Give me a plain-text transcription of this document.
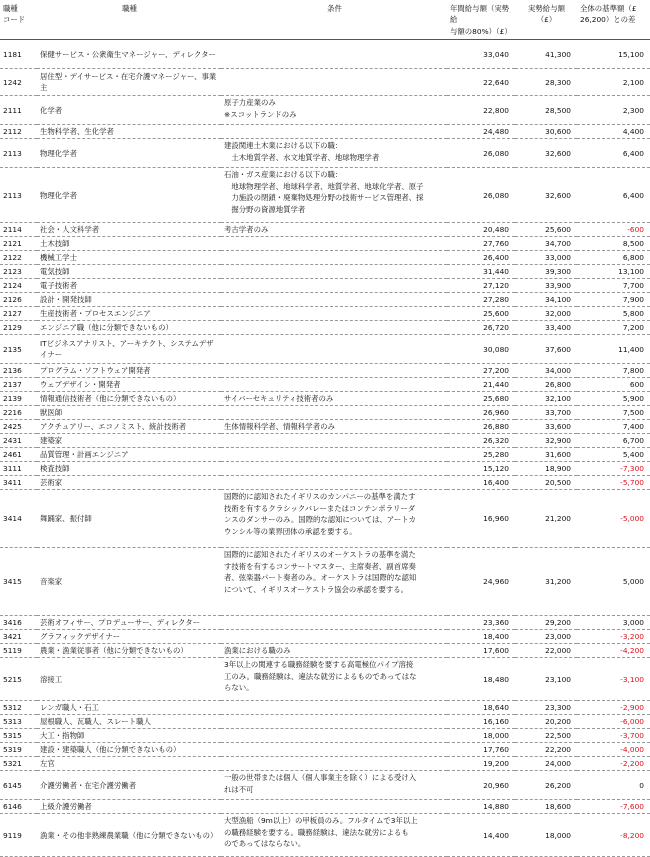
職種
コード	職種	条件	年間給与額（実勢給
与額の80%）（£）	実勢給与額
（£）	全体の基準額（£
26,200）との差
1181	保健サービス・公衆衛生マネージャー、ディレクター		33,040	41,300	15,100
1242	居住型・デイサービス・在宅介護マネージャー、事業主		22,640	28,300	2,100
2111	化学者	原子力産業のみ
※スコットランドのみ	22,800	28,500	2,300
2112	生物科学者、生化学者		24,480	30,600	4,400
2113	物理化学者	建設関連土木業における以下の職：
　土木地質学者、水文地質学者、地球物理学者	26,080	32,600	6,400
2113	物理化学者	石油・ガス産業における以下の職：
　地球物理学者、地球科学者、地質学者、地球化学者、原子
　力施設の閉鎖・廃棄物処理分野の技術サービス管理者、採
　掘分野の資源地質学者	26,080	32,600	6,400
2114	社会・人文科学者	考古学者のみ	20,480	25,600	-600
2121	土木技師		27,760	34,700	8,500
2122	機械工学士		26,400	33,000	6,800
2123	電気技師		31,440	39,300	13,100
2124	電子技術者		27,120	33,900	7,700
2126	設計・開発技師		27,280	34,100	7,900
2127	生産技術者・プロセスエンジニア		25,600	32,000	5,800
2129	エンジニア職（他に分類できないもの）		26,720	33,400	7,200
2135	ITビジネスアナリスト、アーキテクト、システムデザイナー		30,080	37,600	11,400
2136	プログラム・ソフトウェア開発者		27,200	34,000	7,800
2137	ウェブデザイン・開発者		21,440	26,800	600
2139	情報通信技術者（他に分類できないもの）	サイバーセキュリティ技術者のみ	25,680	32,100	5,900
2216	獣医師		26,960	33,700	7,500
2425	アクチュアリー、エコノミスト、統計技術者	生体情報科学者、情報科学者のみ	26,880	33,600	7,400
2431	建築家		26,320	32,900	6,700
2461	品質管理・計画エンジニア		25,280	31,600	5,400
3111	検査技師		15,120	18,900	-7,300
3411	芸術家		16,400	20,500	-5,700
3414	舞踊家、振付師	国際的に認知されたイギリスのカンパニーの基準を満たす
技術を有するクラシックバレーまたはコンテンポラリーダ
ンスのダンサーのみ。国際的な認知については、アートカ
ウンシル等の業界団体の承認を要する。	16,960	21,200	-5,000
3415	音楽家	国際的に認知されたイギリスのオーケストラの基準を満た
す技術を有するコンサートマスター、主席奏者、副首席奏
者、弦楽器パート奏者のみ。オーケストラは国際的な認知
について、イギリスオーケストラ協会の承認を要する。	24,960	31,200	5,000
3416	芸術オフィサー、プロデューサー、ディレクター		23,360	29,200	3,000
3421	グラフィックデザイナー		18,400	23,000	-3,200
5119	農業・漁業従事者（他に分類できないもの）	漁業における職のみ	17,600	22,000	-4,200
5215	溶接工	3年以上の関連する職務経験を要する高電極位パイプ溶接
工のみ。職務経験は、違法な就労によるものであってはな
らない。	18,480	23,100	-3,100
5312	レンガ職人・石工		18,640	23,300	-2,900
5313	屋根職人、瓦職人、スレート職人		16,160	20,200	-6,000
5315	大工・指物師		18,000	22,500	-3,700
5319	建設・建築職人（他に分類できないもの）		17,760	22,200	-4,000
5321	左官		19,200	24,000	-2,200
6145	介護労働者・在宅介護労働者	一般の世帯または個人（個人事業主を除く）による受け入
れは不可	20,960	26,200	0
6146	上級介護労働者		14,880	18,600	-7,600
9119	漁業・その他非熟練農業職（他に分類できないもの）	大型漁船（9m以上）の甲板員のみ。フルタイムで3年以上
の職務経験を要する。職務経験は、違法な就労によるも
のであってはならない。	14,400	18,000	-8,200
